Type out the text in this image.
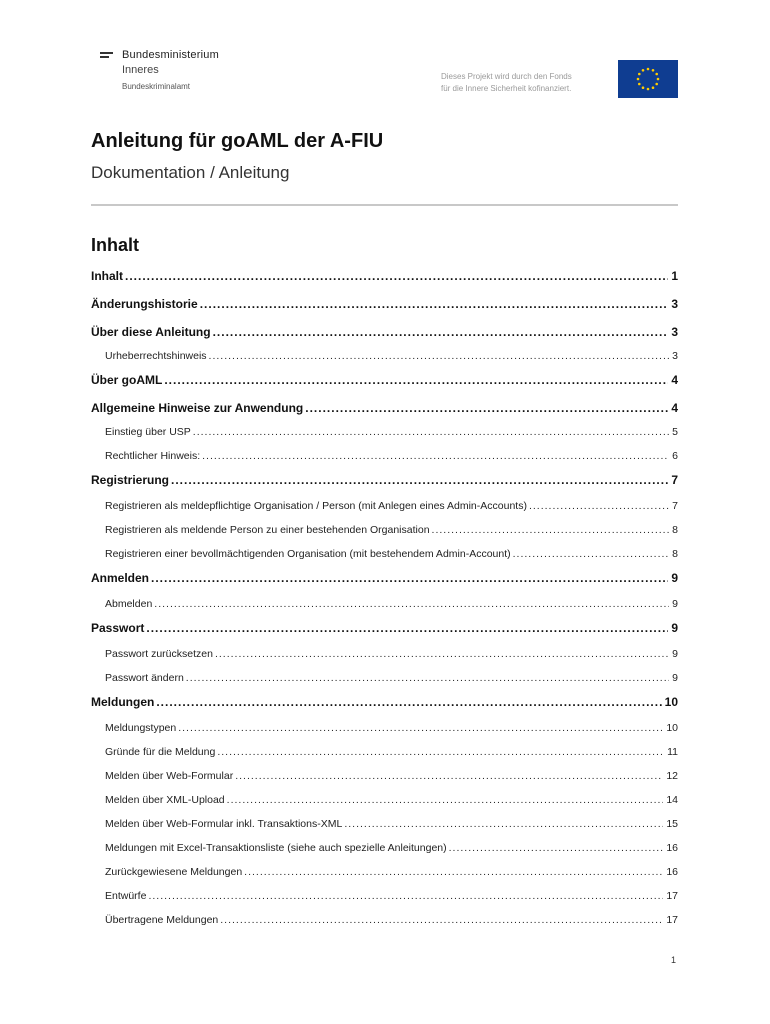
Bundesministerium
Inneres
Bundeskriminalamt
Dieses Projekt wird durch den Fonds
für die Innere Sicherheit kofinanziert.
Anleitung für goAML der A-FIU
Dokumentation / Anleitung
Inhalt
Inhalt .....	1
Änderungshistorie .....	3
Über diese Anleitung .....	3
Urheberrechtshinweis .....	3
Über goAML .....	4
Allgemeine Hinweise zur Anwendung .....	4
Einstieg über USP .....	5
Rechtlicher Hinweis: .....	6
Registrierung .....	7
Registrieren als meldepflichtige Organisation / Person (mit Anlegen eines Admin-Accounts) .....	7
Registrieren als meldende Person zu einer bestehenden Organisation .....	8
Registrieren einer bevollmächtigenden Organisation (mit bestehendem Admin-Account) .....	8
Anmelden .....	9
Abmelden .....	9
Passwort .....	9
Passwort zurücksetzen .....	9
Passwort ändern .....	9
Meldungen .....	10
Meldungstypen .....	10
Gründe für die Meldung .....	11
Melden über Web-Formular .....	12
Melden über XML-Upload .....	14
Melden über Web-Formular inkl. Transaktions-XML .....	15
Meldungen mit Excel-Transaktionsliste (siehe auch spezielle Anleitungen) .....	16
Zurückgewiesene Meldungen .....	16
Entwürfe .....	17
Übertragene Meldungen .....	17
1
